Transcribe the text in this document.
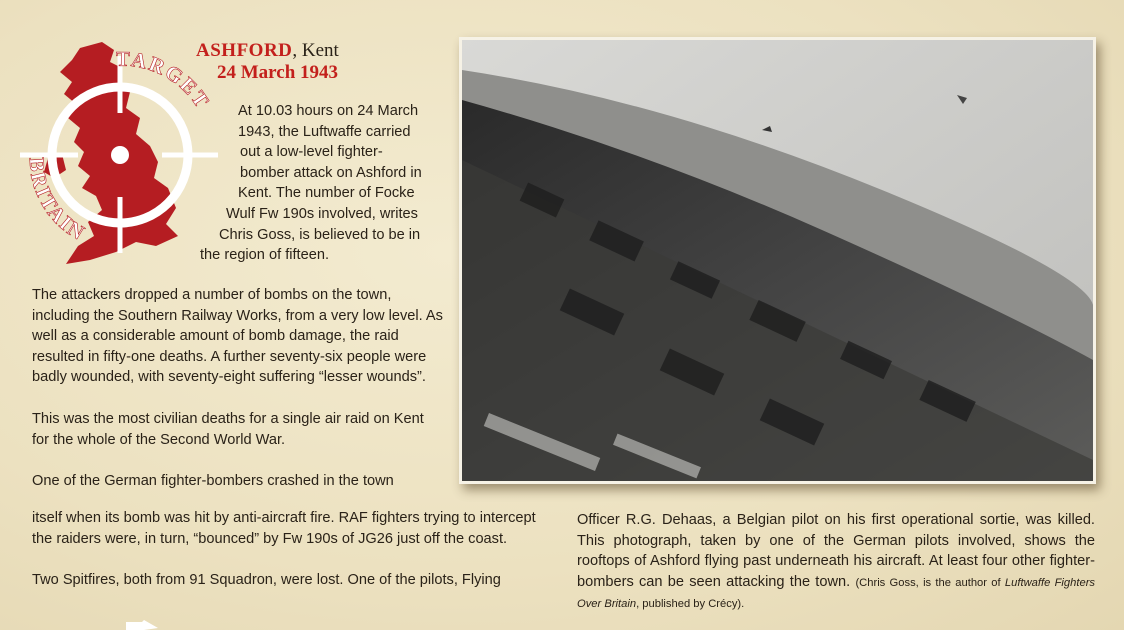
TARGET
BRITAIN
ASHFORD, Kent
24 March 1943
At 10.03 hours on 24 March
1943, the Luftwaffe carried
out a low-level fighter-
bomber attack on Ashford in
Kent. The number of Focke
Wulf Fw 190s involved, writes
Chris Goss, is believed to be in
the region of fifteen.

The attackers dropped a number of bombs on the town, including the Southern Railway Works, from a very low level. As well as a considerable amount of bomb damage, the raid resulted in fifty-one deaths. A further seventy-six people were badly wounded, with seventy-eight suffering “lesser wounds”.

This was the most civilian deaths for a single air raid on Kent for the whole of the Second World War.

One of the German fighter-bombers crashed in the town

itself when its bomb was hit by anti-aircraft fire. RAF fighters trying to intercept the raiders were, in turn, “bounced” by Fw 190s of JG26 just off the coast.

Two Spitfires, both from 91 Squadron, were lost. One of the pilots, Flying

Officer R.G. Dehaas, a Belgian pilot on his first operational sortie, was killed. This photograph, taken by one of the German pilots involved, shows the rooftops of Ashford flying past underneath his aircraft. At least four other fighter-bombers can be seen attacking the town. (Chris Goss, is the author of Luftwaffe Fighters Over Britain, published by Crécy).
